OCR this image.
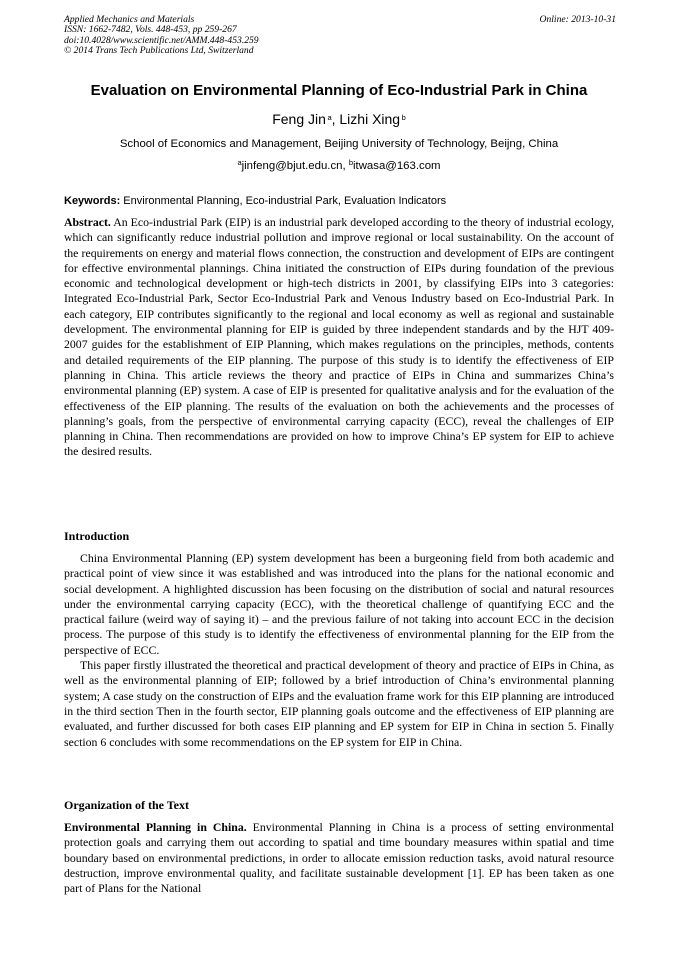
Applied Mechanics and Materials
ISSN: 1662-7482, Vols. 448-453, pp 259-267
doi:10.4028/www.scientific.net/AMM.448-453.259
© 2014 Trans Tech Publications Ltd, Switzerland
Online: 2013-10-31
Evaluation on Environmental Planning of Eco-Industrial Park in China
Feng Jin  $^a$, Lizhi Xing  $^b$
School of Economics and Management, Beijing University of Technology, Beijng, China
$^a$jinfeng@bjut.edu.cn, $^b$itwasa@163.com
Keywords: Environmental Planning, Eco-industrial Park, Evaluation Indicators

Abstract. An Eco-industrial Park (EIP) is an industrial park developed according to the theory of industrial ecology, which can significantly reduce industrial pollution and improve regional or local sustainability. On the account of the requirements on energy and material flows connection, the construction and development of EIPs are contingent for effective environmental plannings. China initiated the construction of EIPs during foundation of the previous economic and technological development or high-tech districts in 2001, by classifying EIPs into 3 categories: Integrated Eco-Industrial Park, Sector Eco-Industrial Park and Venous Industry based on Eco-Industrial Park. In each category, EIP contributes significantly to the regional and local economy as well as regional and sustainable development. The environmental planning for EIP is guided by three independent standards and by the HJT 409-2007 guides for the establishment of EIP Planning, which makes regulations on the principles, methods, contents and detailed requirements of the EIP planning. The purpose of this study is to identify the effectiveness of EIP planning in China. This article reviews the theory and practice of EIPs in China and summarizes China’s environmental planning (EP) system. A case of EIP is presented for qualitative analysis and for the evaluation of the effectiveness of the EIP planning. The results of the evaluation on both the achievements and the processes of planning’s goals, from the perspective of environmental carrying capacity (ECC), reveal the challenges of EIP planning in China. Then recommendations are provided on how to improve China’s EP system for EIP to achieve the desired results.

Introduction

China Environmental Planning (EP) system development has been a burgeoning field from both academic and practical point of view since it was established and was introduced into the plans for the national economic and social development. A highlighted discussion has been focusing on the distribution of social and natural resources under the environmental carrying capacity (ECC), with the theoretical challenge of quantifying ECC and the practical failure (weird way of saying it) – and the previous failure of not taking into account ECC in the decision process. The purpose of this study is to identify the effectiveness of environmental planning for the EIP from the perspective of ECC.

This paper firstly illustrated the theoretical and practical development of theory and practice of EIPs in China, as well as the environmental planning of EIP; followed by a brief introduction of China’s environmental planning system; A case study on the construction of EIPs and the evaluation frame work for this EIP planning are introduced in the third section Then in the fourth sector, EIP planning goals outcome and the effectiveness of EIP planning are evaluated, and further discussed for both cases EIP planning and EP system for EIP in China in section 5. Finally section 6 concludes with some recommendations on the EP system for EIP in China.

Organization of the Text

Environmental Planning in China. Environmental Planning in China is a process of setting environmental protection goals and carrying them out according to spatial and time boundary measures within spatial and time boundary based on environmental predictions, in order to allocate emission reduction tasks, avoid natural resource destruction, improve environmental quality, and facilitate sustainable development [1]. EP has been taken as one part of Plans for the National
